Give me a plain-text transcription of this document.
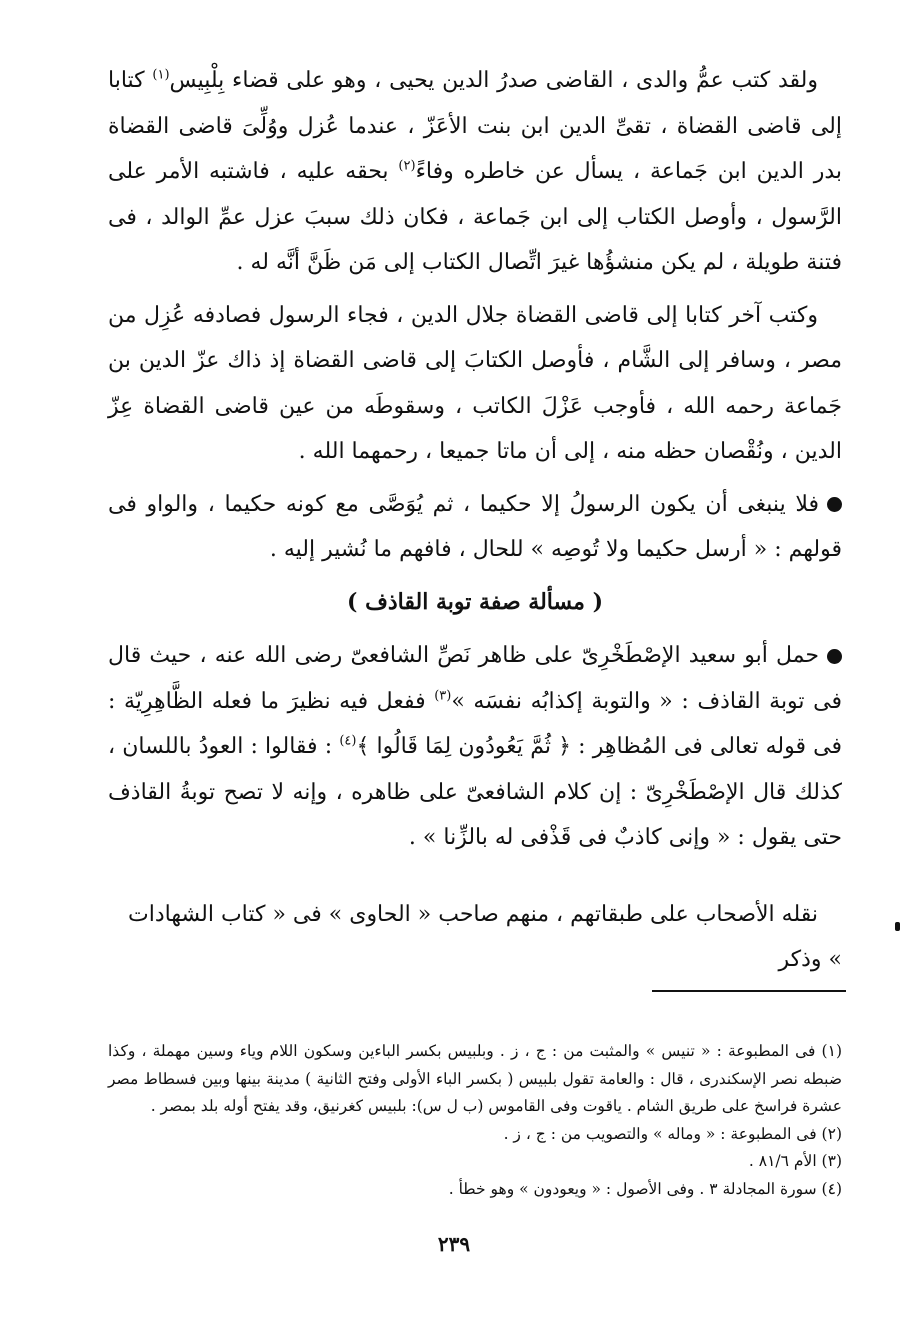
ولقد كتب عمُّ والدى ، القاضى صدرُ الدين يحيى ، وهو على قضاء بِلْبِيس$^{(١)}$ كتابا إلى قاضى القضاة ، تقىِّ الدين ابن بنت الأعَزّ ، عندما عُزل ووُلِّىَ قاضى القضاة بدر الدين ابن جَماعة ، يسأل عن خاطره وفاءً$^{(٢)}$ بحقه عليه ، فاشتبه الأمر على الرَّسول ، وأوصل الكتاب إلى ابن جَماعة ، فكان ذلك سببَ عزل عمِّ الوالد ، فى فتنة طويلة ، لم يكن منشؤُها غيرَ اتِّصال الكتاب إلى مَن ظَنَّ أنَّه له .

وكتب آخر كتابا إلى قاضى القضاة جلال الدين ، فجاء الرسول فصادفه عُزِل من مصر ، وسافر إلى الشَّام ، فأوصل الكتابَ إلى قاضى القضاة إذ ذاك عزّ الدين بن جَماعة رحمه الله ، فأوجب عَزْلَ الكاتب ، وسقوطَه من عين قاضى القضاة عِزّ الدين ، ونُقْصان حظه منه ، إلى أن ماتا جميعا ، رحمهما الله .

فلا ينبغى أن يكون الرسولُ إلا حكيما ، ثم يُوَصَّى مع كونه حكيما ، والواو فى قولهم : « أرسل حكيما ولا تُوصِه » للحال ، فافهم ما نُشير إليه .

( مسألة صفة توبة القاذف )

حمل أبو سعيد الإصْطَخْرِىّ على ظاهر نَصِّ الشافعىّ رضى الله عنه ، حيث قال فى توبة القاذف : « والتوبة إكذابُه نفسَه »$^{(٣)}$ ففعل فيه نظيرَ ما فعله الظَّاهِرِيّة : فى قوله تعالى فى المُظاهِر : ﴿ ثُمَّ يَعُودُون لِمَا قَالُوا ﴾$^{(٤)}$ : فقالوا : العودُ باللسان ، كذلك قال الإصْطَخْرِىّ : إن كلام الشافعىّ على ظاهره ، وإنه لا تصح توبةُ القاذف حتى يقول : « وإنى كاذبٌ فى قَذْفى له بالزِّنا » .

نقله الأصحاب على طبقاتهم ، منهم صاحب « الحاوى » فى « كتاب الشهادات » وذكر

(١) فى المطبوعة : « تنيس » والمثبت من : ج ، ز . وبلبيس بكسر الباءين وسكون اللام وياء وسين مهملة ، وكذا ضبطه نصر الإسكندرى ، قال : والعامة تقول بلبيس ( بكسر الباء الأولى وفتح الثانية ) مدينة بينها وبين فسطاط مصر عشرة فراسخ على طريق الشام . ياقوت وفى القاموس (ب ل س): بلبيس كغرنيق، وقد يفتح أوله بلد بمصر .

(٢) فى المطبوعة : « وماله » والتصويب من : ج ، ز .

(٣) الأم ٨١/٦ .

(٤) سورة المجادلة ٣ . وفى الأصول : « ويعودون » وهو خطأ .

٢٣٩
